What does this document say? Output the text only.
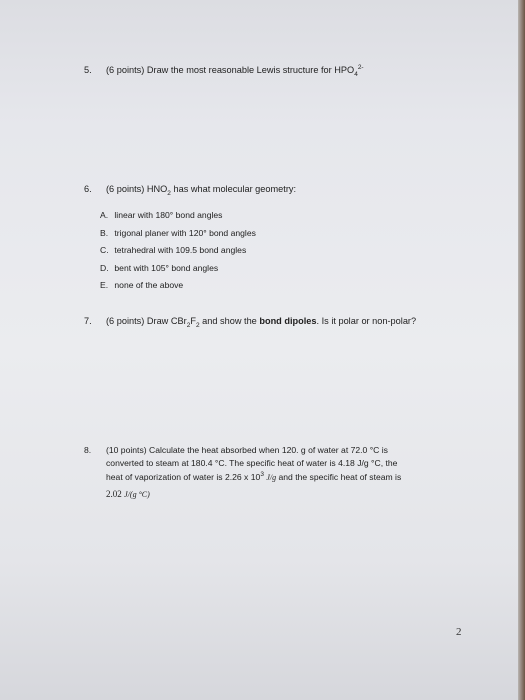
5. (6 points) Draw the most reasonable Lewis structure for $HPO_4^{2-}$
6. (6 points) $HNO_2$ has what molecular geometry:
A. linear with 180° bond angles
B. trigonal planer with 120° bond angles
C. tetrahedral with 109.5 bond angles
D. bent with 105° bond angles
E. none of the above
7. (6 points) Draw $CBr_2F_2$ and show the bond dipoles. Is it polar or non-polar?
8. (10 points) Calculate the heat absorbed when 120. g of water at 72.0 °C is
converted to steam at 180.4 °C. The specific heat of water is 4.18 J/g °C, the
heat of vaporization of water is 2.26 x $10^3$ J/g and the specific heat of steam is
2.02 J/(g °C)
2
